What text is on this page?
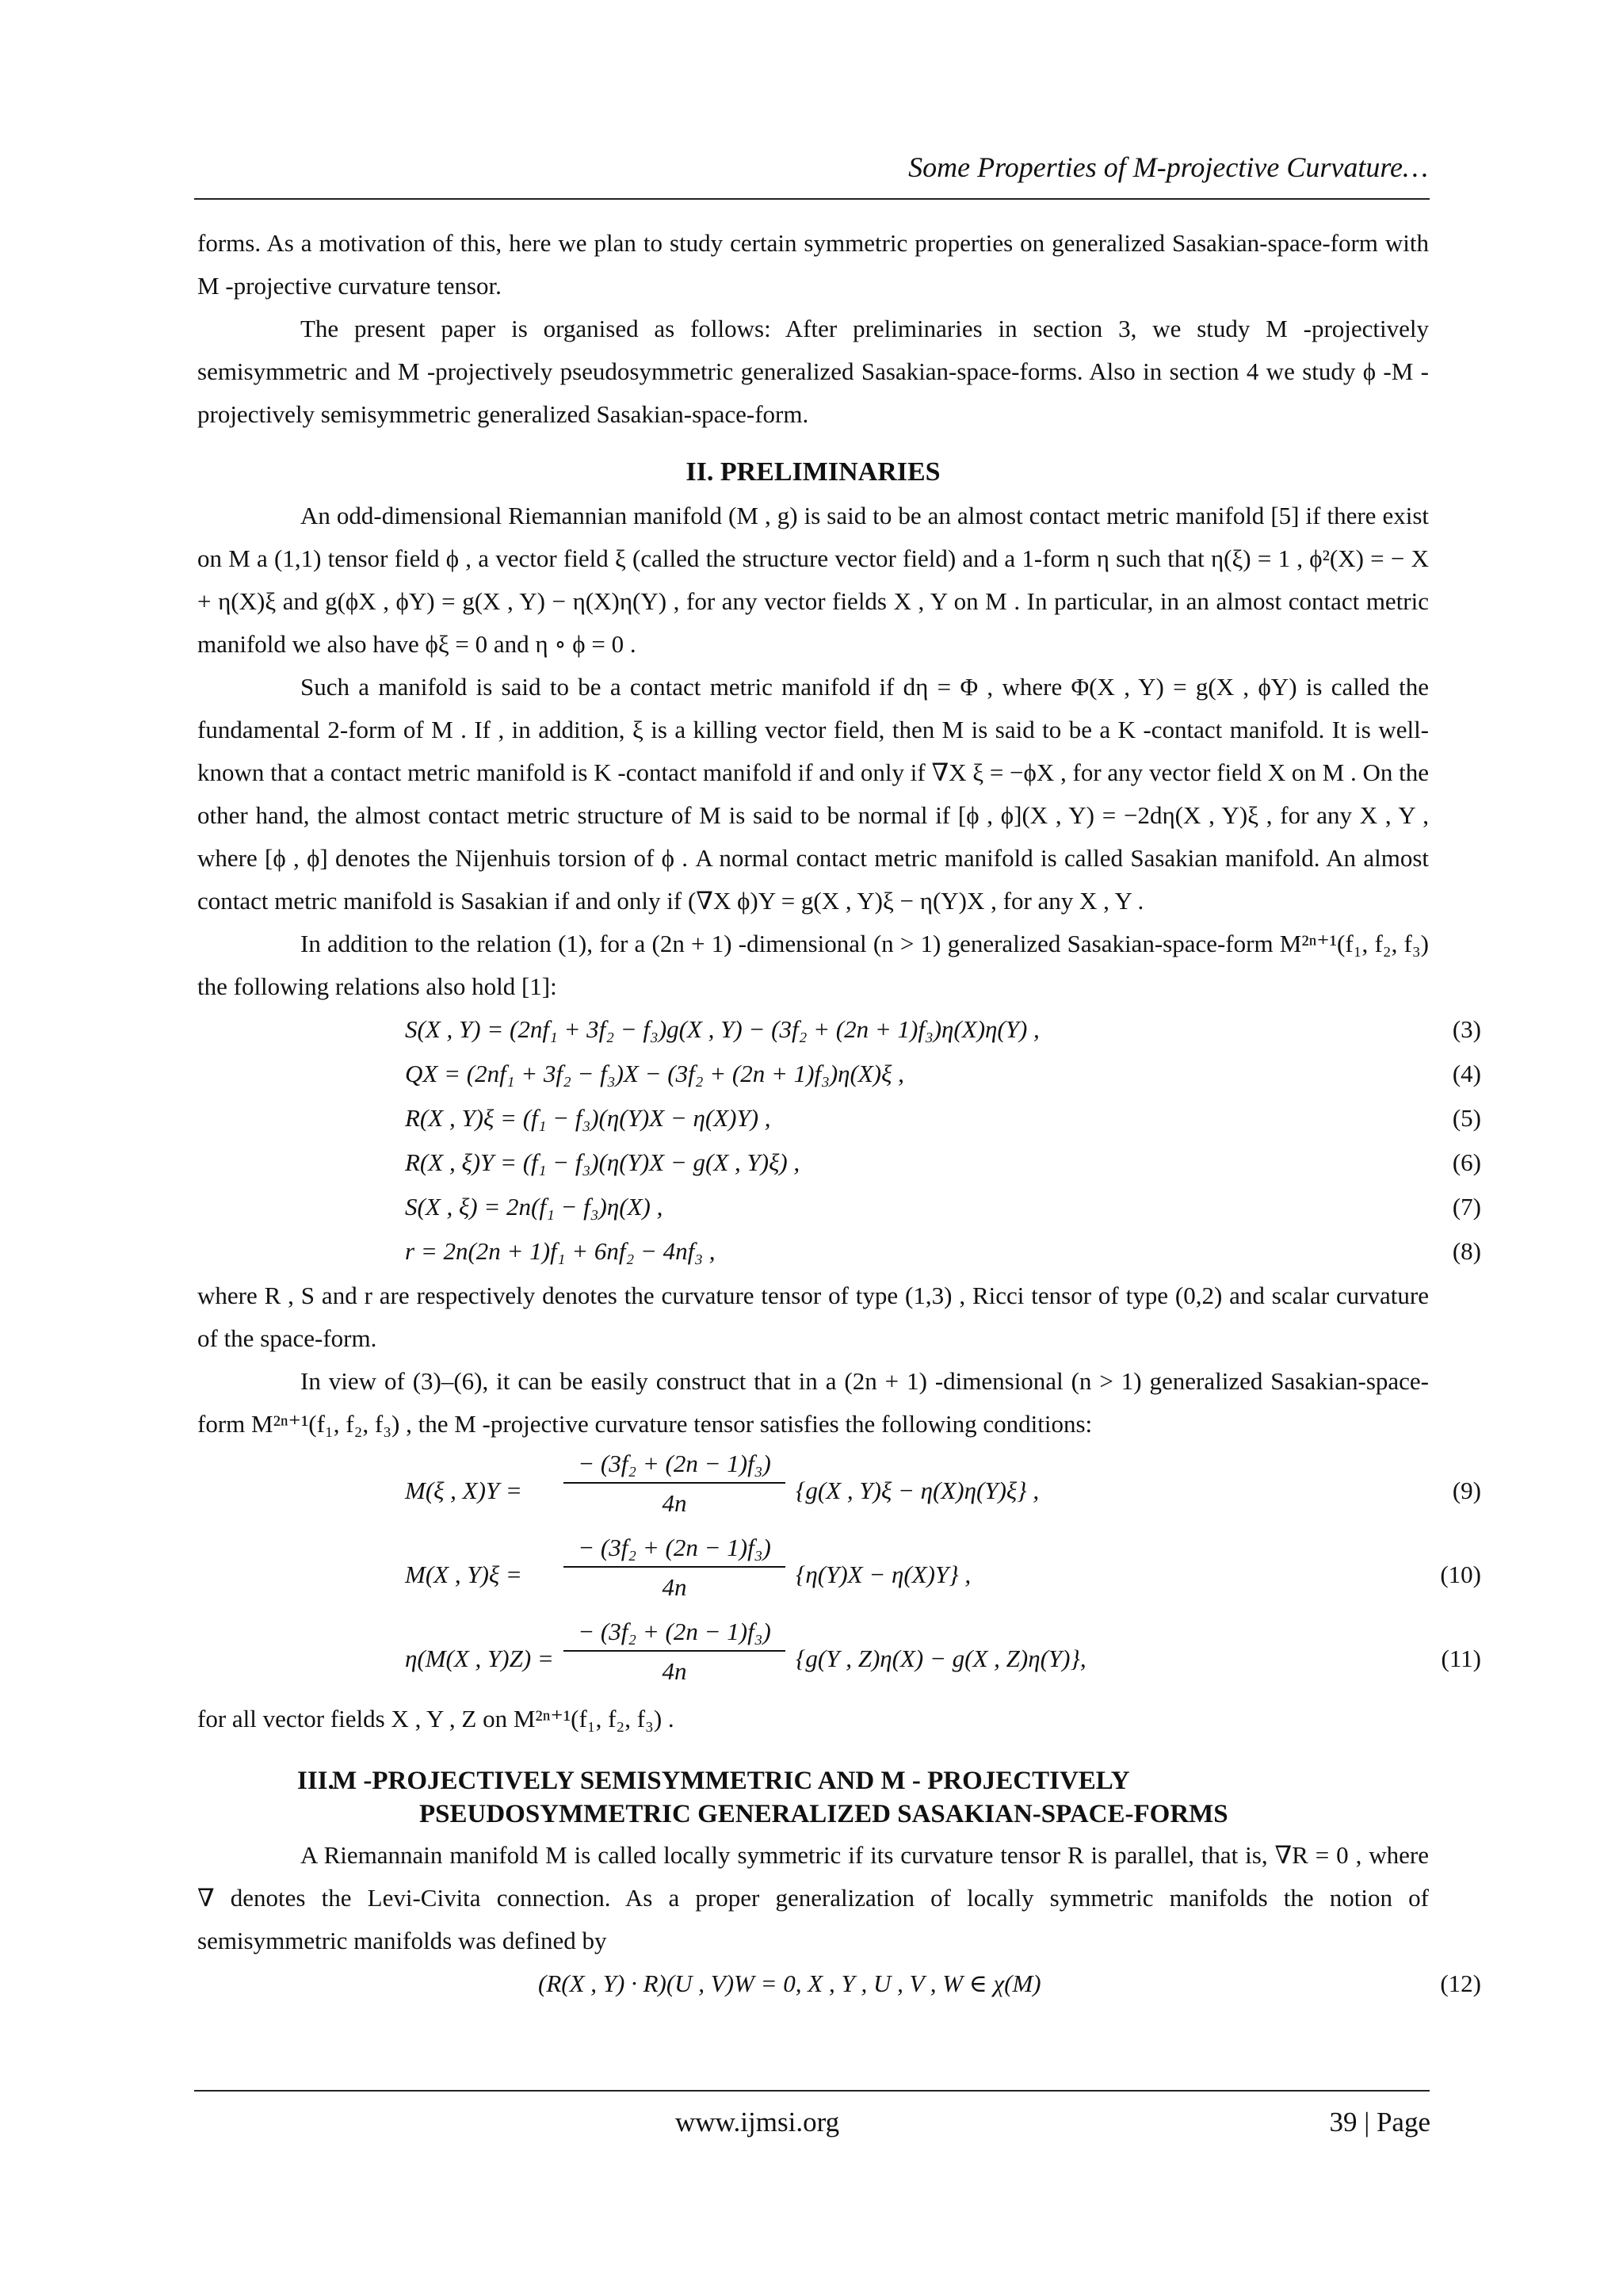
Some Properties of M-projective Curvature…

forms. As a motivation of this, here we plan to study certain symmetric properties on generalized Sasakian-space-form with M -projective curvature tensor.

The present paper is organised as follows: After preliminaries in section 3, we study M -projectively semisymmetric and M -projectively pseudosymmetric generalized Sasakian-space-forms. Also in section 4 we study ϕ -M -projectively semisymmetric generalized Sasakian-space-form.

II. PRELIMINARIES

An odd-dimensional Riemannian manifold (M , g) is said to be an almost contact metric manifold [5] if there exist on M a (1,1) tensor field ϕ , a vector field ξ (called the structure vector field) and a 1-form η such that η(ξ) = 1 , ϕ²(X) = − X + η(X)ξ and g(ϕX , ϕY) = g(X , Y) − η(X)η(Y) , for any vector fields X , Y on M . In particular, in an almost contact metric manifold we also have ϕξ = 0 and η ∘ ϕ = 0 .

Such a manifold is said to be a contact metric manifold if dη = Φ , where Φ(X , Y) = g(X , ϕY) is called the fundamental 2-form of M . If , in addition, ξ is a killing vector field, then M is said to be a K -contact manifold. It is well-known that a contact metric manifold is K -contact manifold if and only if ∇X ξ = −ϕX , for any vector field X on M . On the other hand, the almost contact metric structure of M is said to be normal if [ϕ , ϕ](X , Y) = −2dη(X , Y)ξ , for any X , Y , where [ϕ , ϕ] denotes the Nijenhuis torsion of ϕ . A normal contact metric manifold is called Sasakian manifold. An almost contact metric manifold is Sasakian if and only if (∇X ϕ)Y = g(X , Y)ξ − η(Y)X , for any X , Y .

In addition to the relation (1), for a (2n + 1) -dimensional (n > 1) generalized Sasakian-space-form M²ⁿ⁺¹(f₁, f₂, f₃) the following relations also hold [1]:

S(X , Y) = (2nf₁ + 3f₂ − f₃)g(X , Y) − (3f₂ + (2n + 1)f₃)η(X)η(Y) ,	(3)
QX = (2nf₁ + 3f₂ − f₃)X − (3f₂ + (2n + 1)f₃)η(X)ξ ,	(4)
R(X , Y)ξ = (f₁ − f₃)(η(Y)X − η(X)Y) ,	(5)
R(X , ξ)Y = (f₁ − f₃)(η(Y)X − g(X , Y)ξ) ,	(6)
S(X , ξ) = 2n(f₁ − f₃)η(X) ,	(7)
r = 2n(2n + 1)f₁ + 6nf₂ − 4nf₃ ,	(8)

where R , S and r are respectively denotes the curvature tensor of type (1,3) , Ricci tensor of type (0,2) and scalar curvature of the space-form.

In view of (3)–(6), it can be easily construct that in a (2n + 1) -dimensional (n > 1) generalized Sasakian-space-form M²ⁿ⁺¹(f₁, f₂, f₃) , the M -projective curvature tensor satisfies the following conditions:

M(ξ , $X)Y = \frac{\text{− (3f₂ + (2n − 1)f₃)}}{4n} \{g(X$ , Y)ξ − η(X)η(Y)ξ} ,	(9)
M(X , $Y)\xi = \frac{\text{− (3f₂ + (2n − 1)f₃)}}{4n} \{\eta(Y)X - \eta(X)Y\}$ ,	(10)
η(M(X , $Y)Z) = \frac{\text{− (3f₂ + (2n − 1)f₃)}}{4n} \{g(Y$ , Z)η(X) − g(X , Z)η(Y)},	(11)

for all vector fields X , Y , Z on M²ⁿ⁺¹(f₁, f₂, f₃) .

III.
M -PROJECTIVELY SEMISYMMETRIC AND M - PROJECTIVELY
PSEUDOSYMMETRIC GENERALIZED SASAKIAN-SPACE-FORMS

A Riemannain manifold M is called locally symmetric if its curvature tensor R is parallel, that is, ∇R = 0 , where ∇ denotes the Levi-Civita connection. As a proper generalization of locally symmetric manifolds the notion of semisymmetric manifolds was defined by

(R(X , Y) · R)(U , V)W = 0, X , Y , U , V , W ∈ χ(M)	(12)
www.ijmsi.org	39 | Page
